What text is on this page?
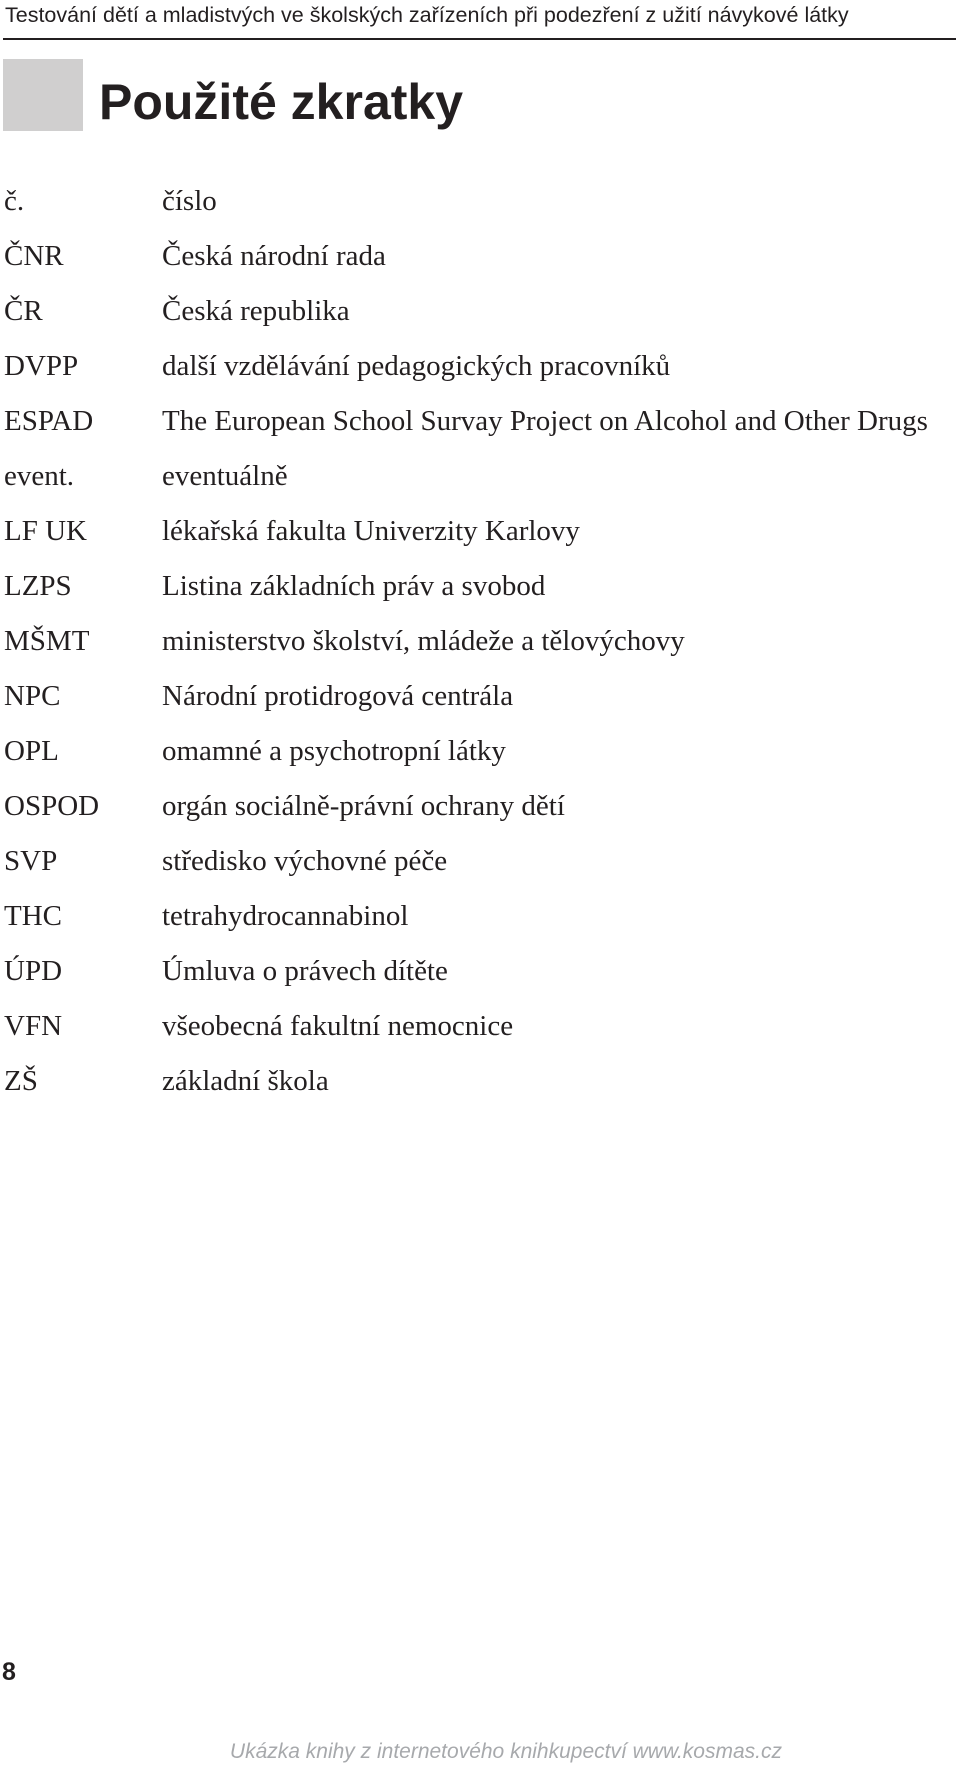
Testování dětí a mladistvých ve školských zařízeních při podezření z užití návykové látky
Použité zkratky
č.	číslo
ČNR	Česká národní rada
ČR	Česká republika
DVPP	další vzdělávání pedagogických pracovníků
ESPAD The European School Survay Project on Alcohol and Other Drugs
event.	eventuálně
LF UK	lékařská fakulta Univerzity Karlovy
LZPS	Listina základních práv a svobod
MŠMT	ministerstvo školství, mládeže a tělovýchovy
NPC	Národní protidrogová centrála
OPL	omamné a psychotropní látky
OSPOD orgán sociálně-právní ochrany dětí
SVP	středisko výchovné péče
THC	tetrahydrocannabinol
ÚPD	Úmluva o právech dítěte
VFN	všeobecná fakultní nemocnice
ZŠ	základní škola
8
Ukázka knihy z internetového knihkupectví www.kosmas.cz
